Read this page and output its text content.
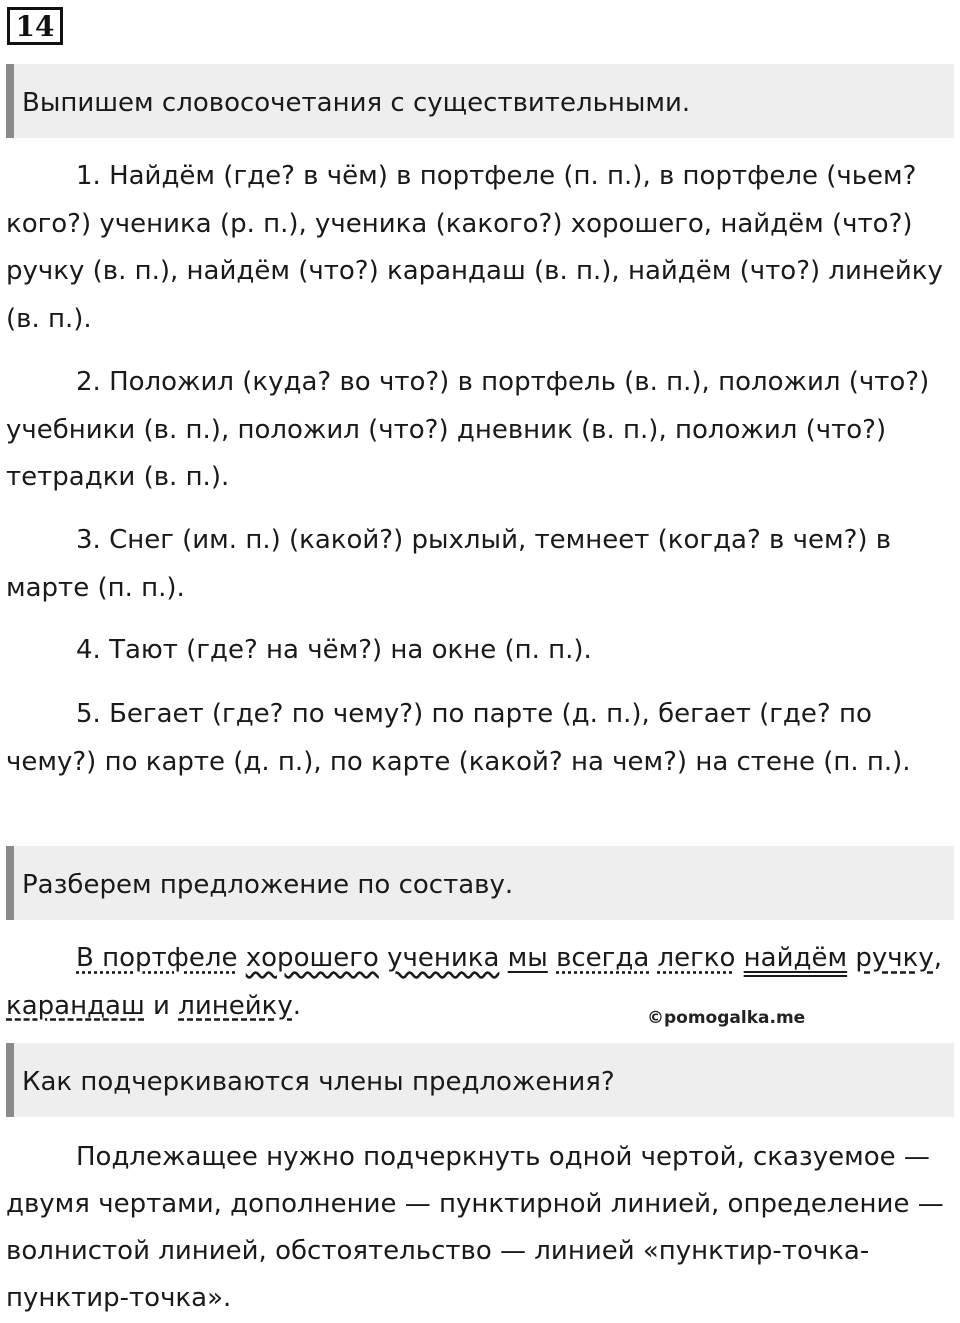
14
Выпишем словосочетания с существительными.

1. Найдём (где? в чём) в портфеле (п. п.), в портфеле (чьем? кого?) ученика (р. п.), ученика (какого?) хорошего, найдём (что?) ручку (в. п.), найдём (что?) карандаш (в. п.), найдём (что?) линейку (в. п.).

2. Положил (куда? во что?) в портфель (в. п.), положил (что?) учебники (в. п.), положил (что?) дневник (в. п.), положил (что?) тетрадки (в. п.).

3. Снег (им. п.) (какой?) рыхлый, темнеет (когда? в чем?) в марте (п. п.).

4. Тают (где? на чём?) на окне (п. п.).

5. Бегает (где? по чему?) по парте (д. п.), бегает (где? по чему?) по карте (д. п.), по карте (какой? на чем?) на стене (п. п.).

Разберем предложение по составу.

В портфеле хорошего ученика мы всегда легко найдём ручку, карандаш и линейку.	©pomogalka.me
Как подчеркиваются члены предложения?

Подлежащее нужно подчеркнуть одной чертой, сказуемое — двумя чертами, дополнение — пунктирной линией, определение — волнистой линией, обстоятельство — линией «пунктир-точка-пунктир-точка».
